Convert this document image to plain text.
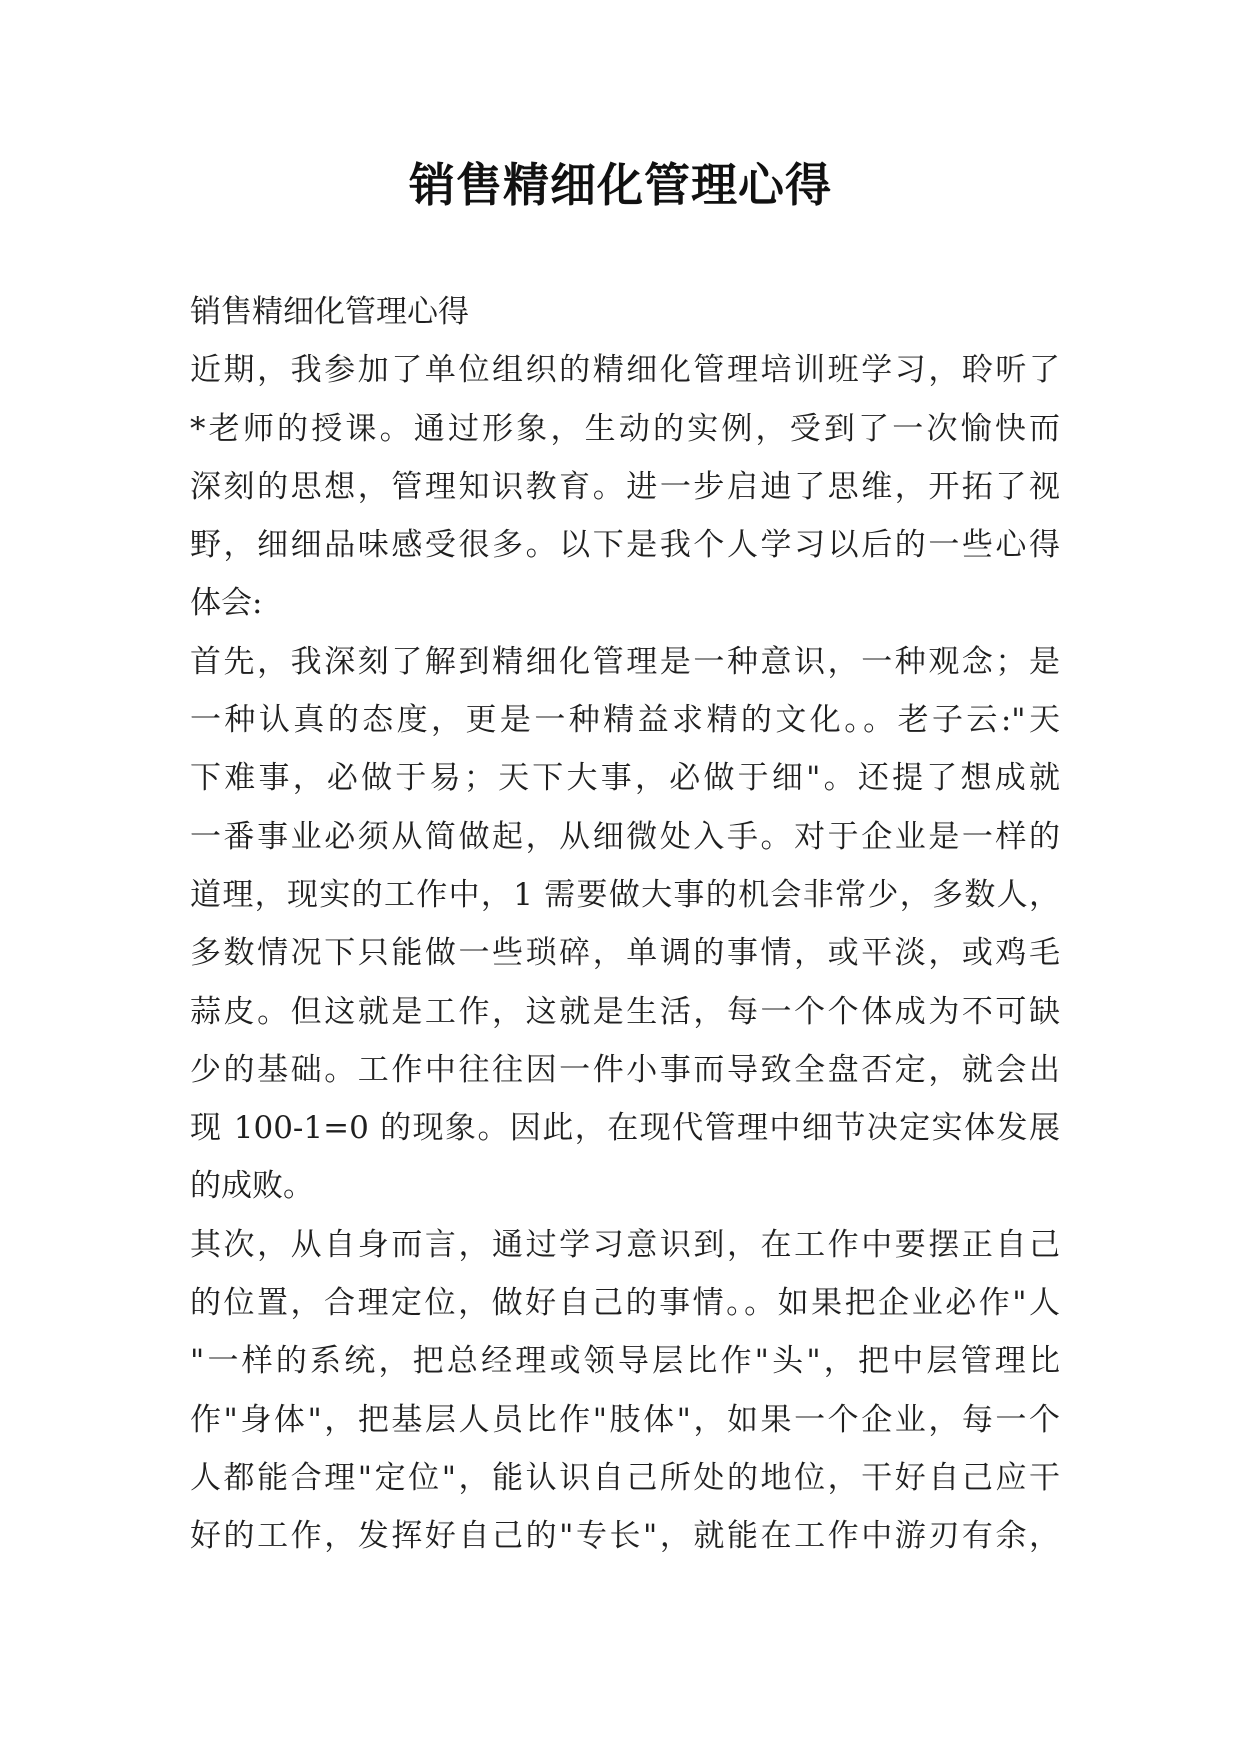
销售精细化管理心得
销售精细化管理心得
近期，我参加了单位组织的精细化管理培训班学习，聆听了
*老师的授课。通过形象，生动的实例，受到了一次愉快而
深刻的思想，管理知识教育。进一步启迪了思维，开拓了视
野，细细品味感受很多。以下是我个人学习以后的一些心得
体会:
首先，我深刻了解到精细化管理是一种意识，一种观念；是
一种认真的态度，更是一种精益求精的文化。。老子云:"天
下难事，必做于易；天下大事，必做于细"。还提了想成就
一番事业必须从简做起，从细微处入手。对于企业是一样的
道理，现实的工作中，1 需要做大事的机会非常少，多数人，
多数情况下只能做一些琐碎，单调的事情，或平淡，或鸡毛
蒜皮。但这就是工作，这就是生活，每一个个体成为不可缺
少的基础。工作中往往因一件小事而导致全盘否定，就会出
现 100-1=0 的现象。因此，在现代管理中细节决定实体发展
的成败。
其次，从自身而言，通过学习意识到，在工作中要摆正自己
的位置，合理定位，做好自己的事情。。如果把企业必作"人
"一样的系统，把总经理或领导层比作"头"，把中层管理比
作"身体"，把基层人员比作"肢体"，如果一个企业，每一个
人都能合理"定位"，能认识自己所处的地位，干好自己应干
好的工作，发挥好自己的"专长"，就能在工作中游刃有余，
